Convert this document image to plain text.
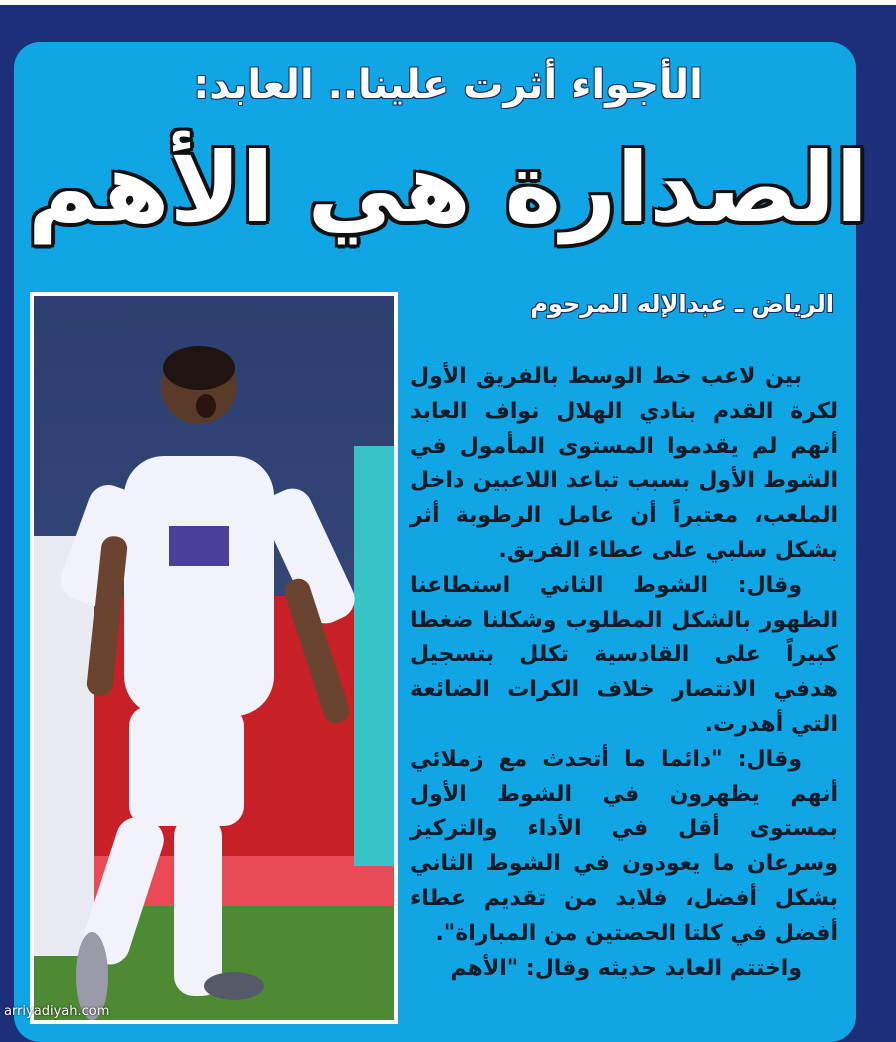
الأجواء أثرت علينا.. العابد:
الصدارة هي الأهم
الرياض ـ عبدالإله المرحوم

بين لاعب خط الوسط بالفريق الأول لكرة القدم بنادي الهلال نواف العابد أنهم لم يقدموا المستوى المأمول في الشوط الأول بسبب تباعد اللاعبين داخل الملعب، معتبراً أن عامل الرطوبة أثر بشكل سلبي على عطاء الفريق.

وقال: الشوط الثاني استطاعنا الظهور بالشكل المطلوب وشكلنا ضغطا كبيراً على القادسية تكلل بتسجيل هدفي الانتصار خلاف الكرات الضائعة التي أهدرت.

وقال: "دائما ما أتحدث مع زملائي أنهم يظهرون في الشوط الأول بمستوى أقل في الأداء والتركيز وسرعان ما يعودون في الشوط الثاني بشكل أفضل، فلابد من تقديم عطاء أفضل في كلتا الحصتين من المباراة".

واختتم العابد حديثه وقال: "الأهم

arriyadiyah.com
